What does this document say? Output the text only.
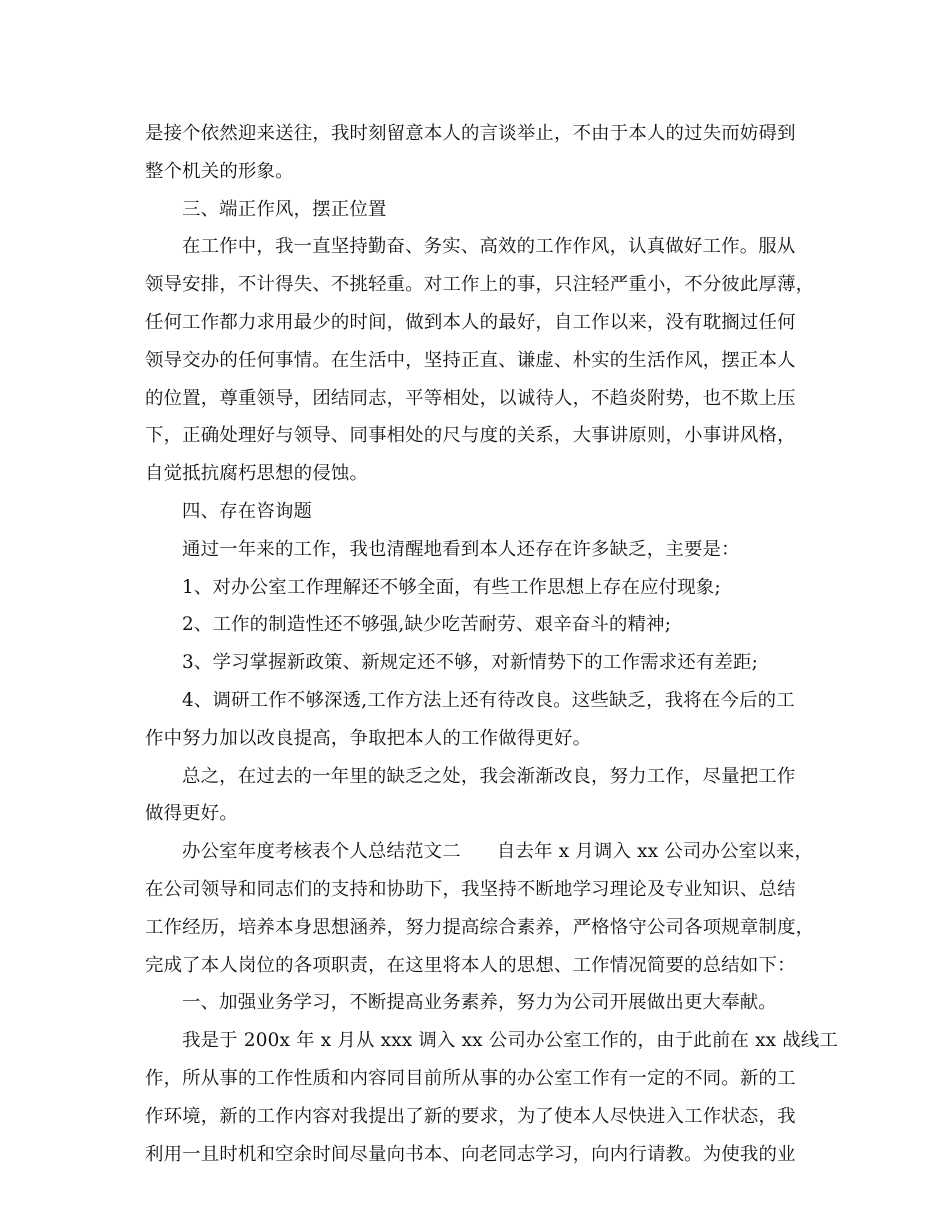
是接个依然迎来送往，我时刻留意本人的言谈举止，不由于本人的过失而妨碍到
整个机关的形象。
三、端正作风，摆正位置
在工作中，我一直坚持勤奋、务实、高效的工作作风，认真做好工作。服从
领导安排，不计得失、不挑轻重。对工作上的事，只注轻严重小，不分彼此厚薄，
任何工作都力求用最少的时间，做到本人的最好，自工作以来，没有耽搁过任何
领导交办的任何事情。在生活中，坚持正直、谦虚、朴实的生活作风，摆正本人
的位置，尊重领导，团结同志，平等相处，以诚待人，不趋炎附势，也不欺上压
下，正确处理好与领导、同事相处的尺与度的关系，大事讲原则，小事讲风格，
自觉抵抗腐朽思想的侵蚀。
四、存在咨询题
通过一年来的工作，我也清醒地看到本人还存在许多缺乏，主要是：
1、对办公室工作理解还不够全面，有些工作思想上存在应付现象;
2、工作的制造性还不够强,缺少吃苦耐劳、艰辛奋斗的精神;
3、学习掌握新政策、新规定还不够，对新情势下的工作需求还有差距;
4、调研工作不够深透,工作方法上还有待改良。这些缺乏，我将在今后的工
作中努力加以改良提高，争取把本人的工作做得更好。
总之，在过去的一年里的缺乏之处，我会渐渐改良，努力工作，尽量把工作
做得更好。
办公室年度考核表个人总结范文二 自去年 x 月调入 xx 公司办公室以来，
在公司领导和同志们的支持和协助下，我坚持不断地学习理论及专业知识、总结
工作经历，培养本身思想涵养，努力提高综合素养，严格恪守公司各项规章制度，
完成了本人岗位的各项职责，在这里将本人的思想、工作情况简要的总结如下：
一、加强业务学习，不断提高业务素养，努力为公司开展做出更大奉献。
我是于 200x 年 x 月从 xxx 调入 xx 公司办公室工作的，由于此前在 xx 战线工
作，所从事的工作性质和内容同目前所从事的办公室工作有一定的不同。新的工
作环境，新的工作内容对我提出了新的要求，为了使本人尽快进入工作状态，我
利用一且时机和空余时间尽量向书本、向老同志学习，向内行请教。为使我的业
